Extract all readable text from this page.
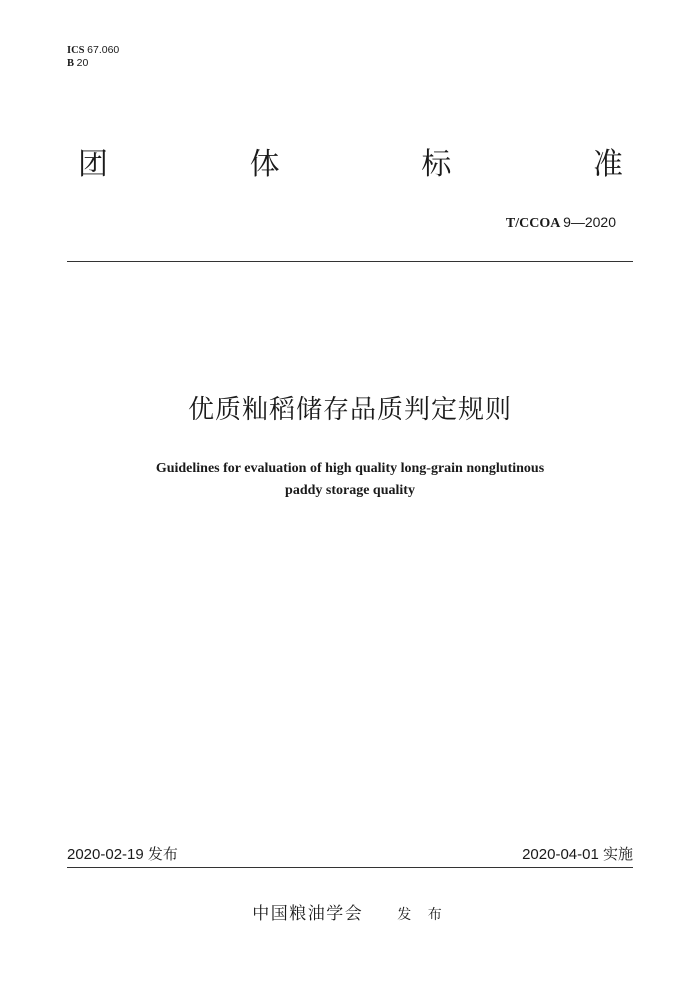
ICS 67.060
B 20
团	体	标	准
T/CCOA 9—2020
优质籼稻储存品质判定规则
Guidelines for evaluation of high quality long-grain nonglutinous
paddy storage quality
2020-02-19 发布	2020-04-01 实施
中国粮油学会 发 布
